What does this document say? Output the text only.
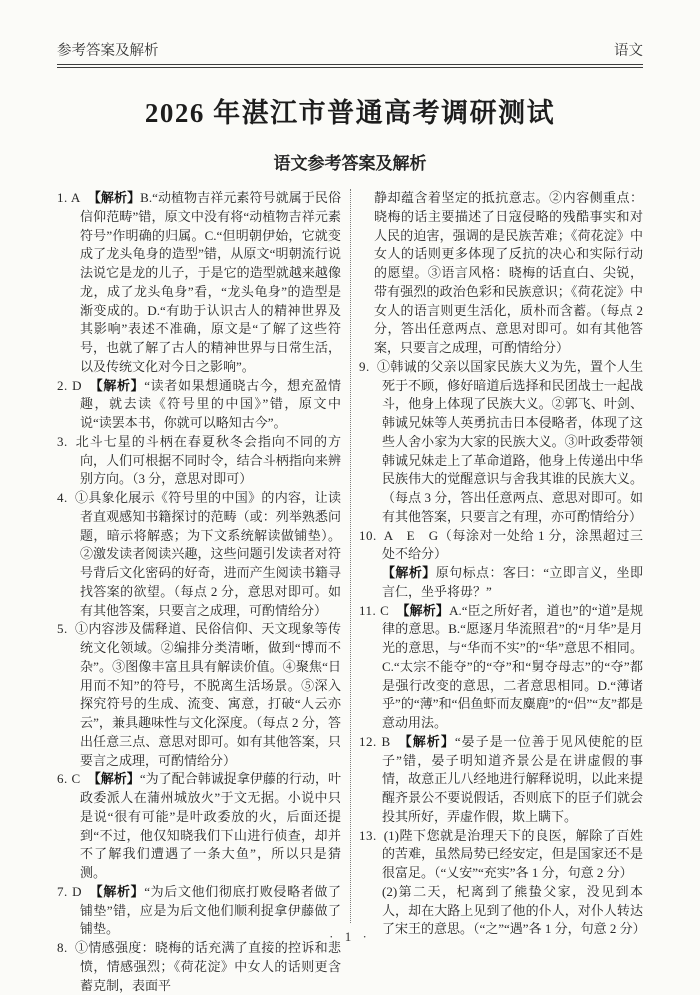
参考答案及解析	语文
2026 年湛江市普通高考调研测试
语文参考答案及解析
1. A 【解析】B.“动植物吉祥元素符号就属于民俗信仰范畴”错，原文中没有将“动植物吉祥元素符号”作明确的归属。C.“但明朝伊始，它就变成了龙头龟身的造型”错，从原文“明朝流行说法说它是龙的儿子，于是它的造型就越来越像龙，成了龙头龟身”看，“龙头龟身”的造型是渐变成的。D.“有助于认识古人的精神世界及其影响”表述不准确，原文是“了解了这些符号，也就了解了古人的精神世界与日常生活，以及传统文化对今日之影响”。
2. D 【解析】“读者如果想通晓古今，想充盈情趣，就去读《符号里的中国》”错，原文中说“读罢本书，你就可以略知古今”。
3. 北斗七星的斗柄在春夏秋冬会指向不同的方向，人们可根据不同时令，结合斗柄指向来辨别方向。（3 分，意思对即可）
4. ①具象化展示《符号里的中国》的内容，让读者直观感知书籍探讨的范畴（或：列举熟悉问题，暗示将解惑；为下文系统解读做铺垫）。②激发读者阅读兴趣，这些问题引发读者对符号背后文化密码的好奇，进而产生阅读书籍寻找答案的欲望。（每点 2 分，意思对即可。如有其他答案，只要言之成理，可酌情给分）
5. ①内容涉及儒释道、民俗信仰、天文现象等传统文化领域。②编排分类清晰，做到“博而不杂”。③图像丰富且具有解读价值。④聚焦“日用而不知”的符号，不脱离生活场景。⑤深入探究符号的生成、流变、寓意，打破“人云亦云”，兼具趣味性与文化深度。（每点 2 分，答出任意三点、意思对即可。如有其他答案，只要言之成理，可酌情给分）
6. C 【解析】“为了配合韩诚捉拿伊藤的行动，叶政委派人在蒲州城放火”于文无据。小说中只是说“很有可能”是叶政委放的火，后面还提到“不过，他仅知晓我们下山进行侦查，却并不了解我们遭遇了一条大鱼”，所以只是猜测。
7. D 【解析】“为后文他们彻底打败侵略者做了铺垫”错，应是为后文他们顺利捉拿伊藤做了铺垫。
8. ①情感强度：晓梅的话充满了直接的控诉和悲愤，情感强烈；《荷花淀》中女人的话则更含蓄克制，表面平
静却蕴含着坚定的抵抗意志。②内容侧重点：晓梅的话主要描述了日寇侵略的残酷事实和对人民的迫害，强调的是民族苦难；《荷花淀》中女人的话则更多体现了反抗的决心和实际行动的愿望。③语言风格：晓梅的话直白、尖锐，带有强烈的政治色彩和民族意识；《荷花淀》中女人的语言则更生活化，质朴而含蓄。（每点 2 分，答出任意两点、意思对即可。如有其他答案，只要言之成理，可酌情给分）
9. ①韩诚的父亲以国家民族大义为先，置个人生死于不顾，修好暗道后选择和民团战士一起战斗，他身上体现了民族大义。②郭飞、叶剑、韩诚兄妹等人英勇抗击日本侵略者，体现了这些人舍小家为大家的民族大义。③叶政委带领韩诚兄妹走上了革命道路，他身上传递出中华民族伟大的觉醒意识与舍我其谁的民族大义。（每点 3 分，答出任意两点、意思对即可。如有其他答案，只要言之有理，亦可酌情给分）
10. A　E　G（每涂对一处给 1 分，涂黑超过三处不给分）
【解析】原句标点：客曰：“立即言义，坐即言仁，坐乎将毋？”
11. C 【解析】A.“臣之所好者，道也”的“道”是规律的意思。B.“愿逐月华流照君”的“月华”是月光的意思，与“华而不实”的“华”意思不相同。C.“太宗不能夺”的“夺”和“舅夺母志”的“夺”都是强行改变的意思，二者意思相同。D.“薄诸乎”的“薄”和“侣鱼虾而友麋鹿”的“侣”“友”都是意动用法。
12. B 【解析】“晏子是一位善于见风使舵的臣子”错，晏子明知道齐景公是在讲虚假的事情，故意正儿八经地进行解释说明，以此来提醒齐景公不要说假话，否则底下的臣子们就会投其所好，弄虚作假，欺上瞒下。
13. (1)陛下您就是治理天下的良医，解除了百姓的苦难，虽然局势已经安定，但是国家还不是很富足。（“乂安”“充实”各 1 分，句意 2 分）
(2)第二天，杞离到了熊蛰父家，没见到本人，却在大路上见到了他的仆人，对仆人转达了宋王的意思。（“之”“遇”各 1 分，句意 2 分）
· 1 ·
